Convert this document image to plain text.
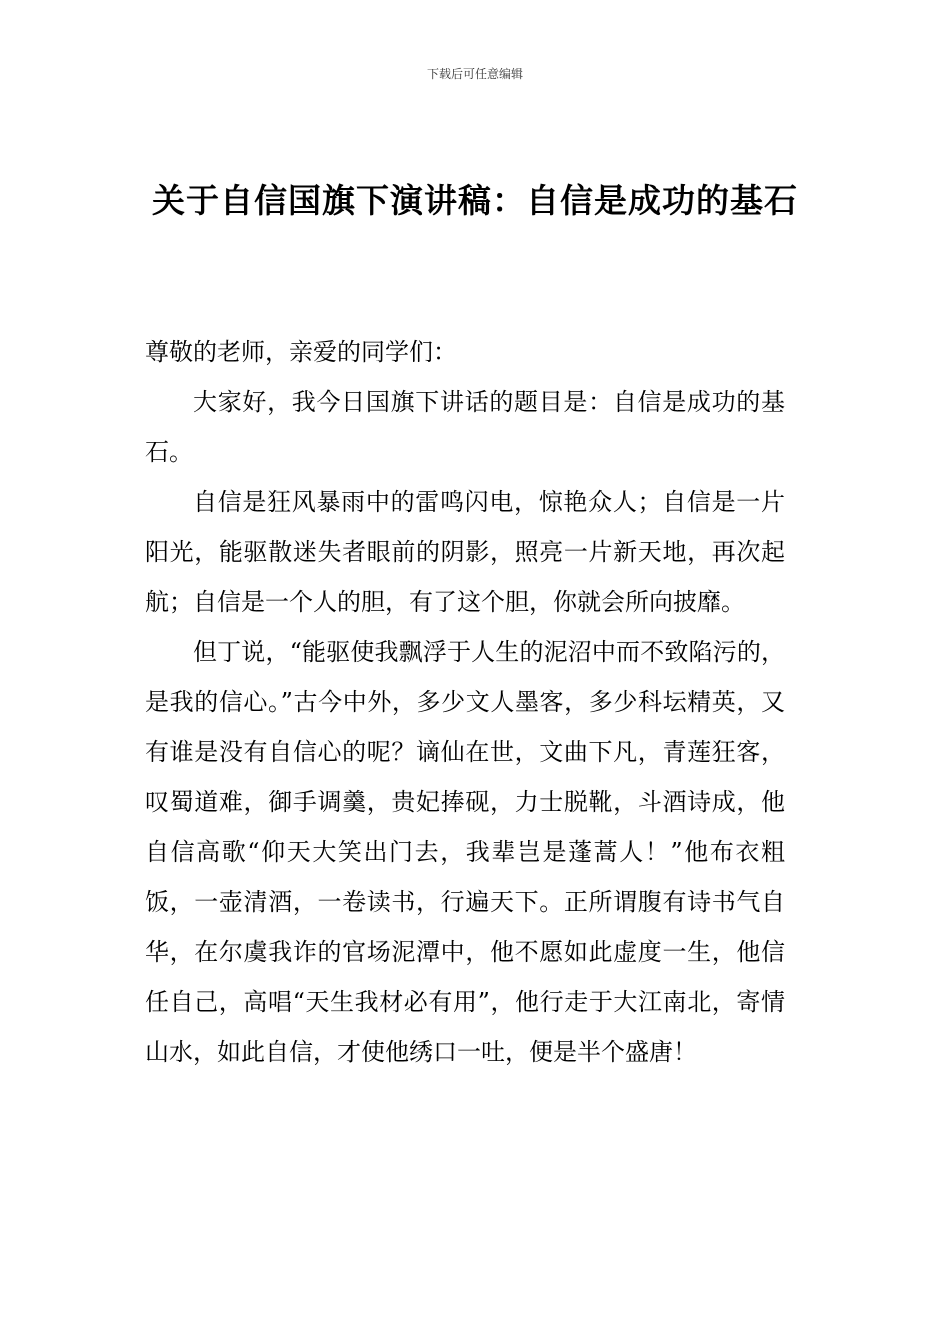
下载后可任意编辑
关于自信国旗下演讲稿：自信是成功的基石

尊敬的老师，亲爱的同学们：

大家好，我今日国旗下讲话的题目是：自信是成功的基石。

自信是狂风暴雨中的雷鸣闪电，惊艳众人；自信是一片阳光，能驱散迷失者眼前的阴影，照亮一片新天地，再次起航；自信是一个人的胆，有了这个胆，你就会所向披靡。

但丁说，“能驱使我飘浮于人生的泥沼中而不致陷污的，是我的信心。”古今中外，多少文人墨客，多少科坛精英，又有谁是没有自信心的呢？谪仙在世，文曲下凡，青莲狂客，叹蜀道难，御手调羹，贵妃捧砚，力士脱靴，斗酒诗成，他自信高歌“仰天大笑出门去，我辈岂是蓬蒿人！”他布衣粗饭，一壶清酒，一卷读书，行遍天下。正所谓腹有诗书气自华，在尔虞我诈的官场泥潭中，他不愿如此虚度一生，他信任自己，高唱“天生我材必有用”，他行走于大江南北，寄情山水，如此自信，才使他绣口一吐，便是半个盛唐！
